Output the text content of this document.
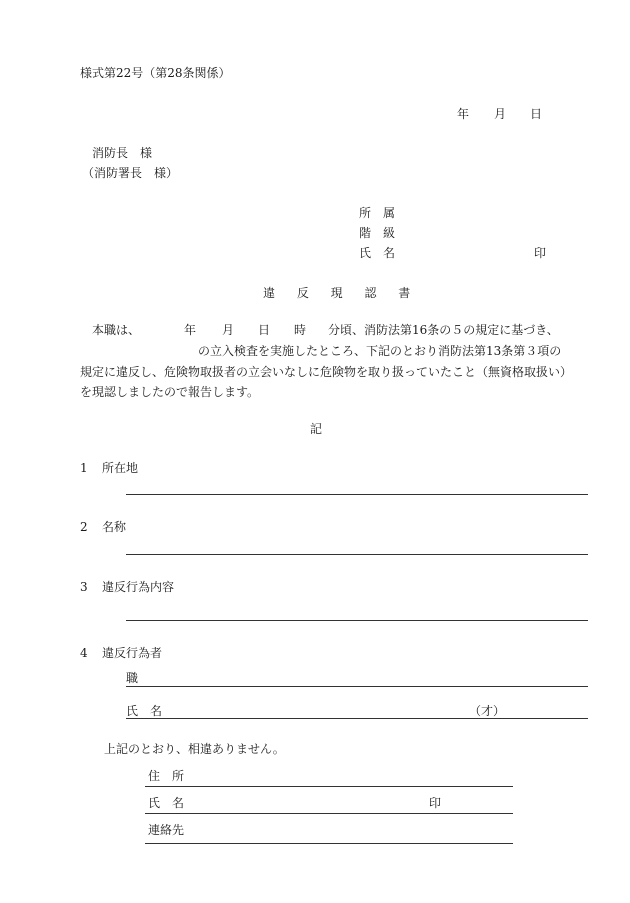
様式第22号（第28条関係）
年 月 日
消防長　様
（消防署長　様）
所　属
階　級
氏　名	印
違 反 現 認 書
本職は、	年 月 日 時 分頃、消防法第16条の５の規定に基づき、
の立入検査を実施したところ、下記のとおり消防法第13条第３項の
規定に違反し、危険物取扱者の立会いなしに危険物を取り扱っていたこと（無資格取扱い）
を現認しましたので報告します。
記
1 所在地
2 名称
3 違反行為内容
4 違反行為者
職
氏　名	（才）
上記のとおり、相違ありません。
住　所
氏　名	印
連絡先
